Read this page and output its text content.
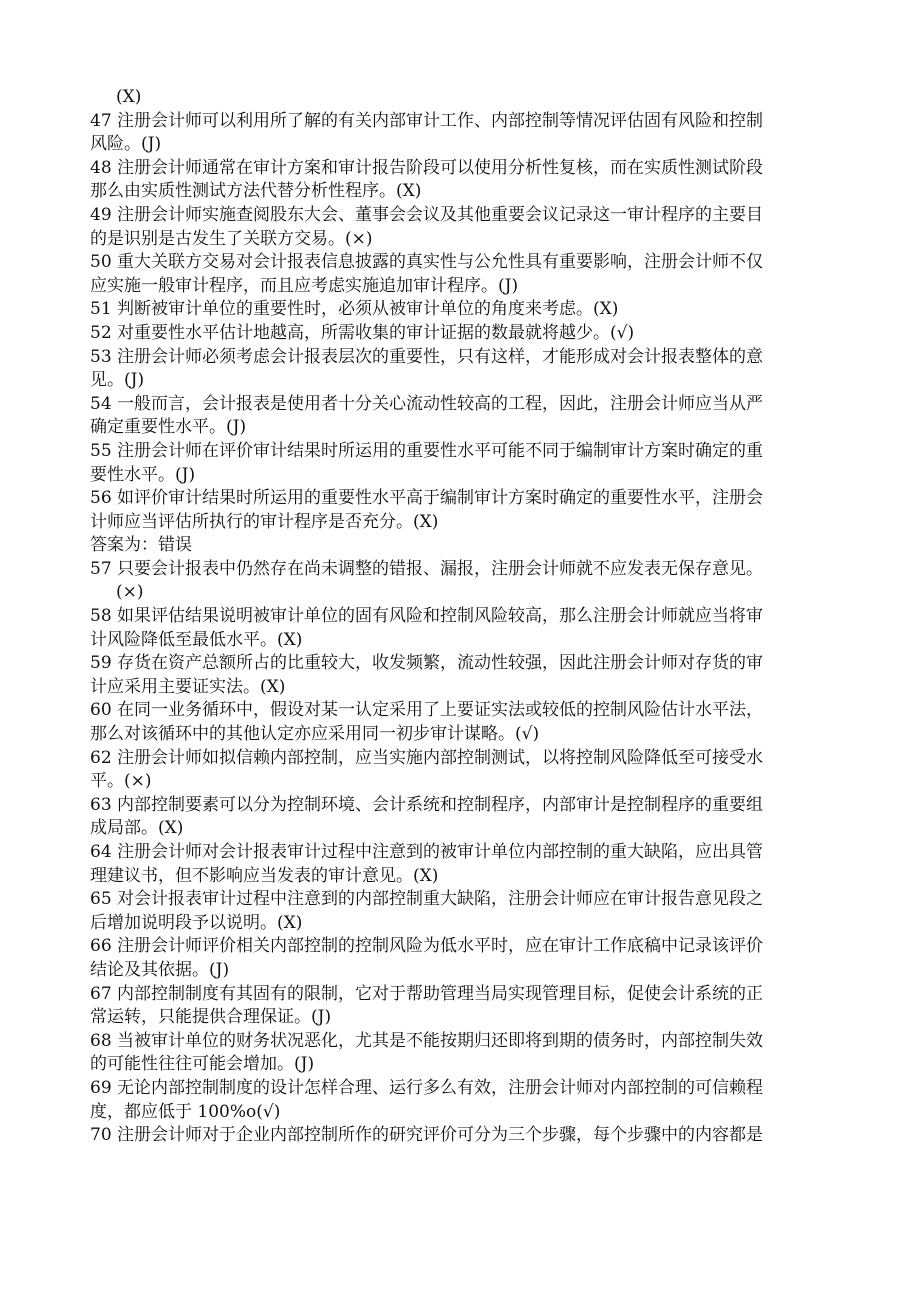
(X)
47 注册会计师可以利用所了解的有关内部审计工作、内部控制等情况评估固有风险和控制
风险。(J)
48 注册会计师通常在审计方案和审计报告阶段可以使用分析性复核，而在实质性测试阶段
那么由实质性测试方法代替分析性程序。(X)
49 注册会计师实施查阅股东大会、董事会会议及其他重要会议记录这一审计程序的主要目
的是识别是古发生了关联方交易。(×)
50 重大关联方交易对会计报表信息披露的真实性与公允性具有重要影响，注册会计师不仅
应实施一般审计程序，而且应考虑实施追加审计程序。(J)
51 判断被审计单位的重要性时，必须从被审计单位的角度来考虑。(X)
52 对重要性水平估计地越高，所需收集的审计证据的数最就将越少。(√)
53 注册会计师必须考虑会计报表层次的重要性，只有这样，才能形成对会计报表整体的意
见。(J)
54 一般而言，会计报表是使用者十分关心流动性较高的工程，因此，注册会计师应当从严
确定重要性水平。(J)
55 注册会计师在评价审计结果时所运用的重要性水平可能不同于编制审计方案时确定的重
要性水平。(J)
56 如评价审计结果时所运用的重要性水平高于编制审计方案时确定的重要性水平，注册会
计师应当评估所执行的审计程序是否充分。(X)
答案为：错误
57 只要会计报表中仍然存在尚未调整的错报、漏报，注册会计师就不应发表无保存意见。
(×)
58 如果评估结果说明被审计单位的固有风险和控制风险较高，那么注册会计师就应当将审
计风险降低至最低水平。(X)
59 存货在资产总额所占的比重较大，收发频繁，流动性较强，因此注册会计师对存货的审
计应采用主要证实法。(X)
60 在同一业务循环中，假设对某一认定采用了上要证实法或较低的控制风险估计水平法，
那么对该循环中的其他认定亦应采用同一初步审计谋略。(√)
62 注册会计师如拟信赖内部控制，应当实施内部控制测试，以将控制风险降低至可接受水
平。(×)
63 内部控制要素可以分为控制环境、会计系统和控制程序，内部审计是控制程序的重要组
成局部。(X)
64 注册会计师对会计报表审计过程中注意到的被审计单位内部控制的重大缺陷，应出具管
理建议书，但不影响应当发表的审计意见。(X)
65 对会计报表审计过程中注意到的内部控制重大缺陷，注册会计师应在审计报告意见段之
后增加说明段予以说明。(X)
66 注册会计师评价相关内部控制的控制风险为低水平时，应在审计工作底稿中记录该评价
结论及其依据。(J)
67 内部控制制度有其固有的限制，它对于帮助管理当局实现管理目标，促使会计系统的正
常运转，只能提供合理保证。(J)
68 当被审计单位的财务状况恶化，尤其是不能按期归还即将到期的债务时，内部控制失效
的可能性往往可能会增加。(J)
69 无论内部控制制度的设计怎样合理、运行多么有效，注册会计师对内部控制的可信赖程
度，都应低于 100%o(√)
70 注册会计师对于企业内部控制所作的研究评价可分为三个步骤，每个步骤中的内容都是
